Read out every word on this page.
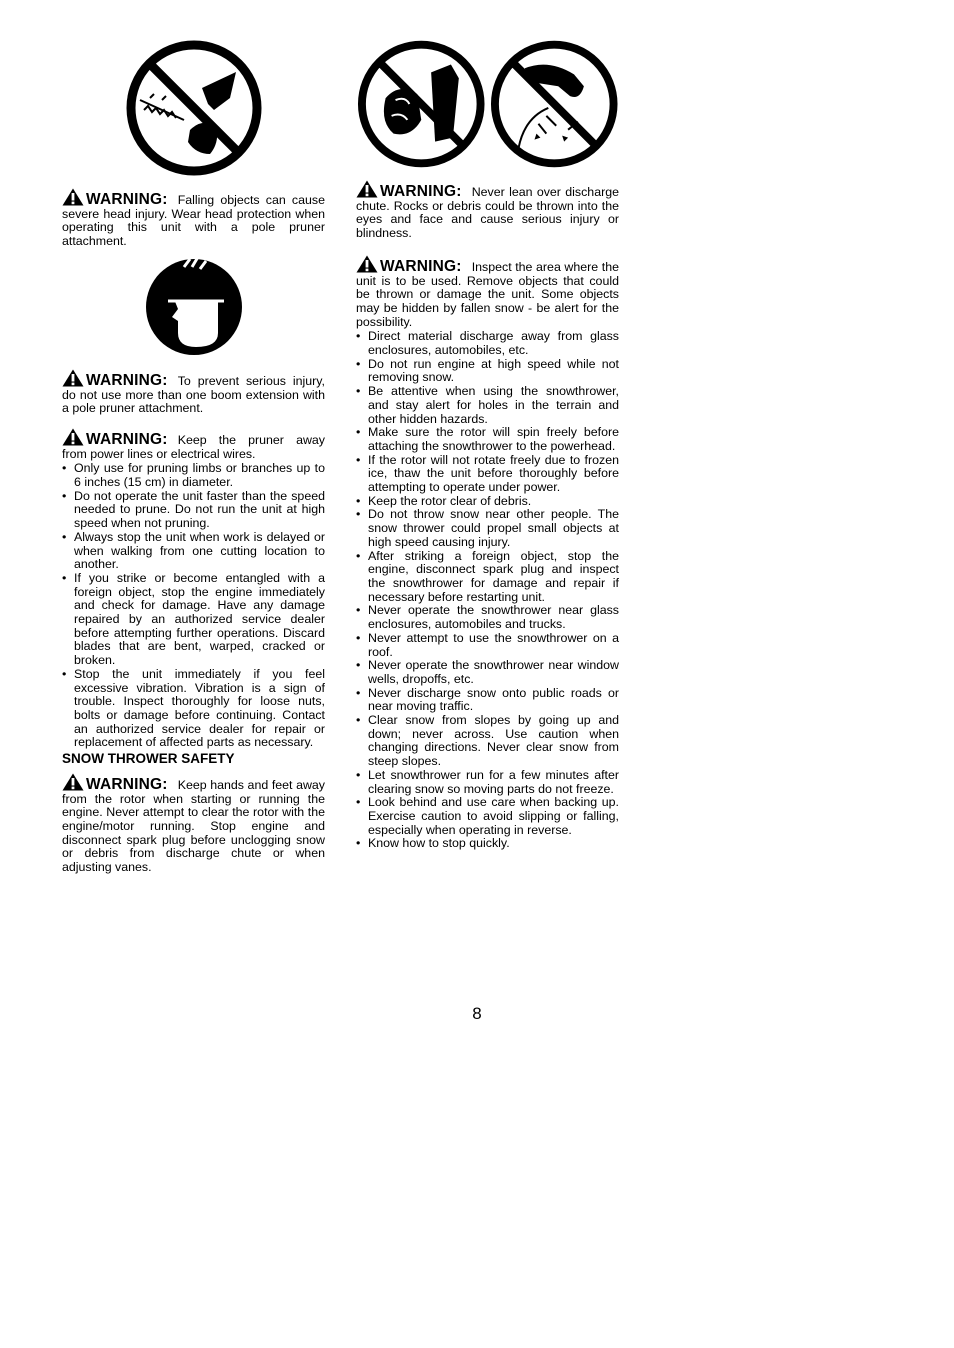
WARNING: Falling objects can cause severe head injury. Wear head protection when operating this unit with a pole pruner attachment.

WARNING: To prevent serious injury, do not use more than one boom extension with a pole pruner attachment.

WARNING: Keep the pruner away from power lines or electrical wires.

• Only use for pruning limbs or branches up to 6 inches (15 cm) in diameter.
• Do not operate the unit faster than the speed needed to prune. Do not run the unit at high speed when not pruning.
• Always stop the unit when work is delayed or when walking from one cutting location to another.
• If you strike or become entangled with a foreign object, stop the engine immediately and check for damage. Have any damage repaired by an authorized service dealer before attempting further operations. Discard blades that are bent, warped, cracked or broken.
• Stop the unit immediately if you feel excessive vibration. Vibration is a sign of trouble. Inspect thoroughly for loose nuts, bolts or damage before continuing. Contact an authorized service dealer for repair or replacement of affected parts as necessary.
SNOW THROWER SAFETY

WARNING: Keep hands and feet away from the rotor when starting or running the engine. Never attempt to clear the rotor with the engine/motor running. Stop engine and disconnect spark plug before unclogging snow or debris from discharge chute or when adjusting vanes.

WARNING: Never lean over discharge chute. Rocks or debris could be thrown into the eyes and face and cause serious injury or blindness.

WARNING: Inspect the area where the unit is to be used. Remove objects that could be thrown or damage the unit. Some objects may be hidden by fallen snow - be alert for the possibility.

• Direct material discharge away from glass enclosures, automobiles, etc.
• Do not run engine at high speed while not removing snow.
• Be attentive when using the snowthrower, and stay alert for holes in the terrain and other hidden hazards.
• Make sure the rotor will spin freely before attaching the snowthrower to the powerhead.
• If the rotor will not rotate freely due to frozen ice, thaw the unit before thoroughly before attempting to operate under power.
• Keep the rotor clear of debris.
• Do not throw snow near other people. The snow thrower could propel small objects at high speed causing injury.
• After striking a foreign object, stop the engine, disconnect spark plug and inspect the snowthrower for damage and repair if necessary before restarting unit.
• Never operate the snowthrower near glass enclosures, automobiles and trucks.
• Never attempt to use the snowthrower on a roof.
• Never operate the snowthrower near window wells, dropoffs, etc.
• Never discharge snow onto public roads or near moving traffic.
• Clear snow from slopes by going up and down; never across. Use caution when changing directions. Never clear snow from steep slopes.
• Let snowthrower run for a few minutes after clearing snow so moving parts do not freeze.
• Look behind and use care when backing up. Exercise caution to avoid slipping or falling, especially when operating in reverse.
• Know how to stop quickly.
8
